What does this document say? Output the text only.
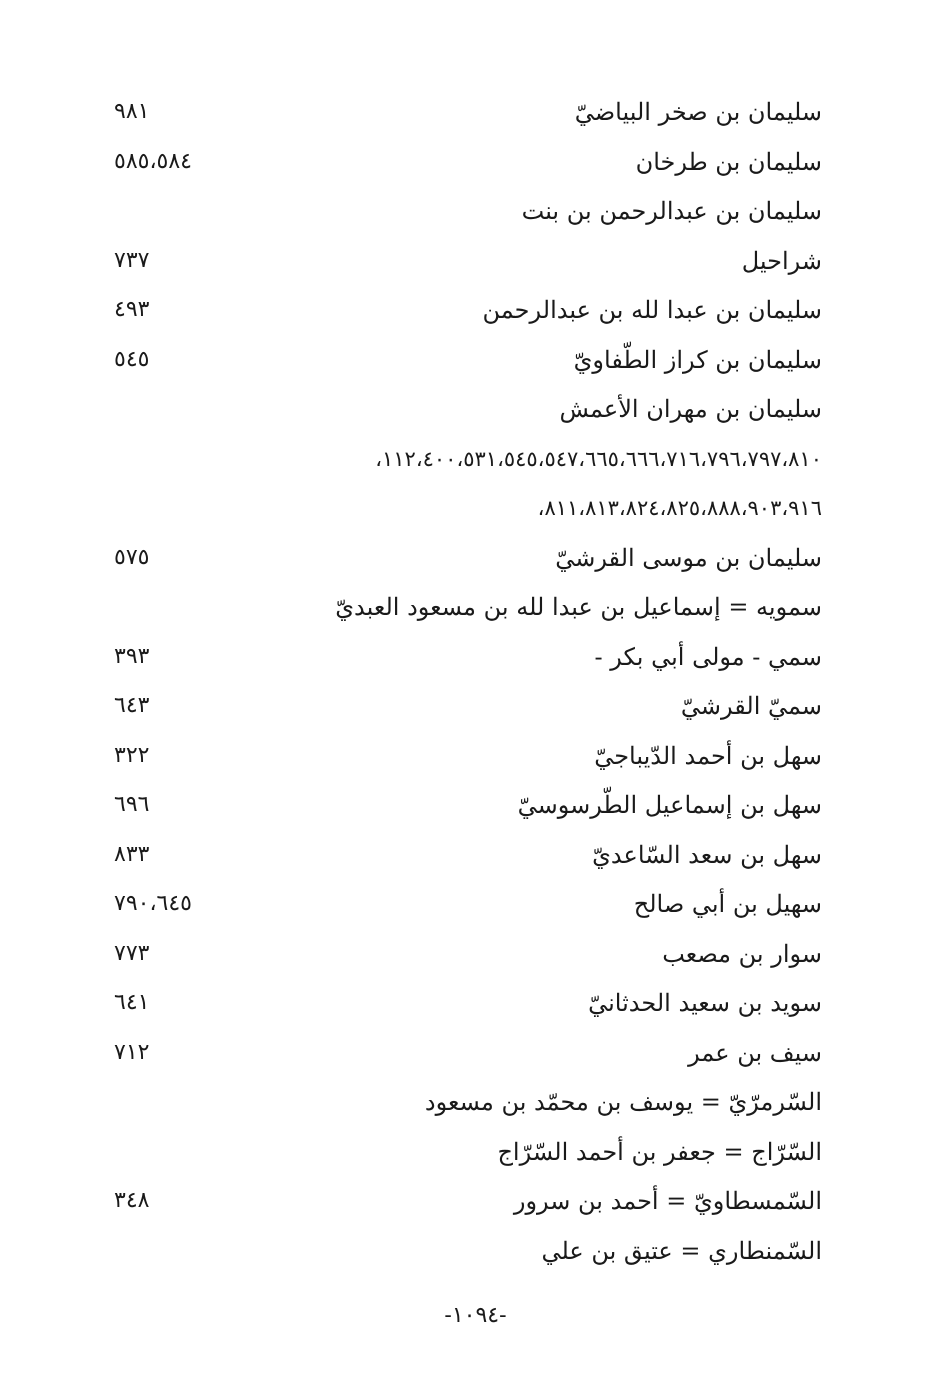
سليمان بن صخر البياضيّ
٩٨١
سليمان بن طرخان
٥٨٥،٥٨٤
سليمان بن عبدالرحمن بن بنت
شراحيل
٧٣٧
سليمان بن عبدا لله بن عبدالرحمن
٤٩٣
سليمان بن كراز الطّفاويّ
٥٤٥
سليمان بن مهران الأعمش
١١٢،٤٠٠،٥٣١،٥٤٥،٥٤٧،٦٦٥،٦٦٦،٧١٦،٧٩٦،٧٩٧،٨١٠،
٨١١،٨١٣،٨٢٤،٨٢٥،٨٨٨،٩٠٣،٩١٦،
سليمان بن موسى القرشيّ
٥٧٥
سمويه = إسماعيل بن عبدا لله بن مسعود العبديّ
سمي - مولى أبي بكر -
٣٩٣
سميّ القرشيّ
٦٤٣
سهل بن أحمد الدّيباجيّ
٣٢٢
سهل بن إسماعيل الطّرسوسيّ
٦٩٦
سهل بن سعد السّاعديّ
٨٣٣
سهيل بن أبي صالح
٧٩٠،٦٤٥
سوار بن مصعب
٧٧٣
سويد بن سعيد الحدثانيّ
٦٤١
سيف بن عمر
٧١٢
السّرمرّيّ = يوسف بن محمّد بن مسعود
السّرّاج = جعفر بن أحمد السّرّاج
السّمسطاويّ = أحمد بن سرور
٣٤٨
السّمنطاري = عتيق بن علي
-١٠٩٤-
